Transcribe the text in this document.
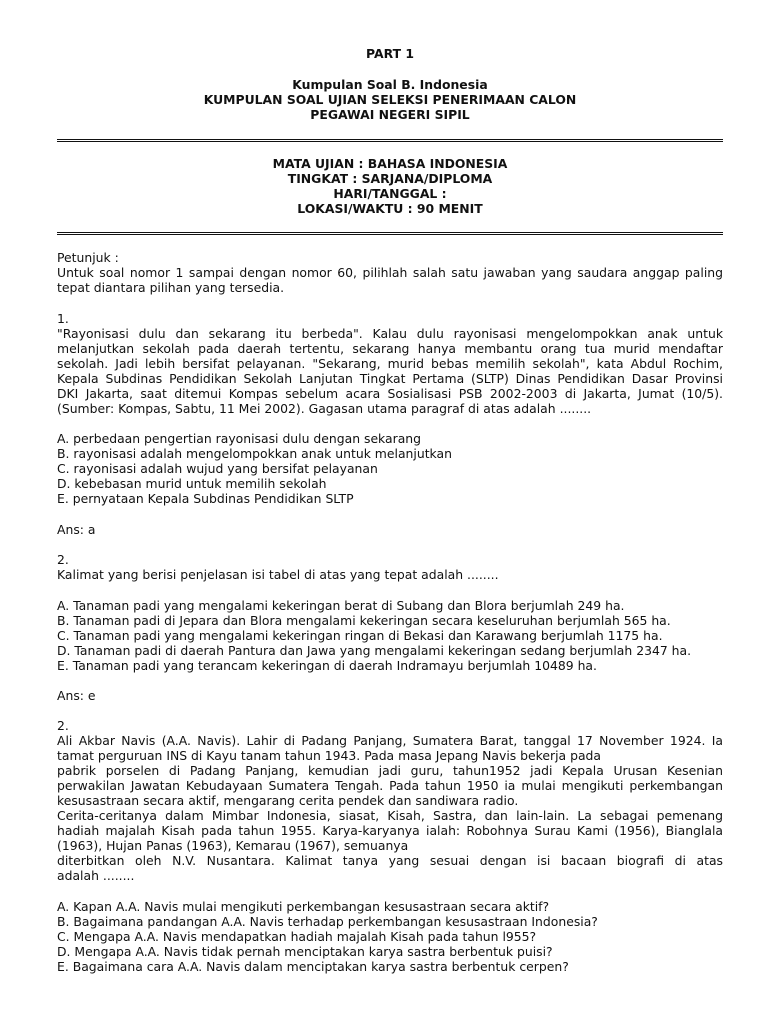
PART 1
Kumpulan Soal B. Indonesia
KUMPULAN SOAL UJIAN SELEKSI PENERIMAAN CALON
PEGAWAI NEGERI SIPIL
MATA UJIAN : BAHASA INDONESIA
TINGKAT : SARJANA/DIPLOMA
HARI/TANGGAL :
LOKASI/WAKTU : 90 MENIT
Petunjuk :
Untuk soal nomor 1 sampai dengan nomor 60, pilihlah salah satu jawaban yang saudara anggap paling
tepat diantara pilihan yang tersedia.
1.
"Rayonisasi dulu dan sekarang itu berbeda". Kalau dulu rayonisasi mengelompokkan anak untuk
melanjutkan sekolah pada daerah tertentu, sekarang hanya membantu orang tua murid mendaftar
sekolah. Jadi lebih bersifat pelayanan. "Sekarang, murid bebas memilih sekolah", kata Abdul Rochim,
Kepala Subdinas Pendidikan Sekolah Lanjutan Tingkat Pertama (SLTP) Dinas Pendidikan Dasar Provinsi
DKI Jakarta, saat ditemui Kompas sebelum acara Sosialisasi PSB 2002-2003 di Jakarta, Jumat (10/5).
(Sumber: Kompas, Sabtu, 11 Mei 2002). Gagasan utama paragraf di atas adalah ........
A. perbedaan pengertian rayonisasi dulu dengan sekarang
B. rayonisasi adalah mengelompokkan anak untuk melanjutkan
C. rayonisasi adalah wujud yang bersifat pelayanan
D. kebebasan murid untuk memilih sekolah
E. pernyataan Kepala Subdinas Pendidikan SLTP
Ans: a
2.
Kalimat yang berisi penjelasan isi tabel di atas yang tepat adalah ........
A. Tanaman padi yang mengalami kekeringan berat di Subang dan Blora berjumlah 249 ha.
B. Tanaman padi di Jepara dan Blora mengalami kekeringan secara keseluruhan berjumlah 565 ha.
C. Tanaman padi yang mengalami kekeringan ringan di Bekasi dan Karawang berjumlah 1175 ha.
D. Tanaman padi di daerah Pantura dan Jawa yang mengalami kekeringan sedang berjumlah 2347 ha.
E. Tanaman padi yang terancam kekeringan di daerah Indramayu berjumlah 10489 ha.
Ans: e
2.
Ali Akbar Navis (A.A. Navis). Lahir di Padang Panjang, Sumatera Barat, tanggal 17 November 1924. Ia
tamat perguruan INS di Kayu tanam tahun 1943. Pada masa Jepang Navis bekerja pada
pabrik porselen di Padang Panjang, kemudian jadi guru, tahun1952 jadi Kepala Urusan Kesenian
perwakilan Jawatan Kebudayaan Sumatera Tengah. Pada tahun 1950 ia mulai mengikuti perkembangan
kesusastraan secara aktif, mengarang cerita pendek dan sandiwara radio.
Cerita-ceritanya dalam Mimbar Indonesia, siasat, Kisah, Sastra, dan lain-lain. La sebagai pemenang
hadiah majalah Kisah pada tahun 1955. Karya-karyanya ialah: Robohnya Surau Kami (1956), Bianglala
(1963), Hujan Panas (1963), Kemarau (1967), semuanya
diterbitkan oleh N.V. Nusantara. Kalimat tanya yang sesuai dengan isi bacaan biografi di atas
adalah ........
A. Kapan A.A. Navis mulai mengikuti perkembangan kesusastraan secara aktif?
B. Bagaimana pandangan A.A. Navis terhadap perkembangan kesusastraan Indonesia?
C. Mengapa A.A. Navis mendapatkan hadiah majalah Kisah pada tahun l955?
D. Mengapa A.A. Navis tidak pernah menciptakan karya sastra berbentuk puisi?
E. Bagaimana cara A.A. Navis dalam menciptakan karya sastra berbentuk cerpen?
